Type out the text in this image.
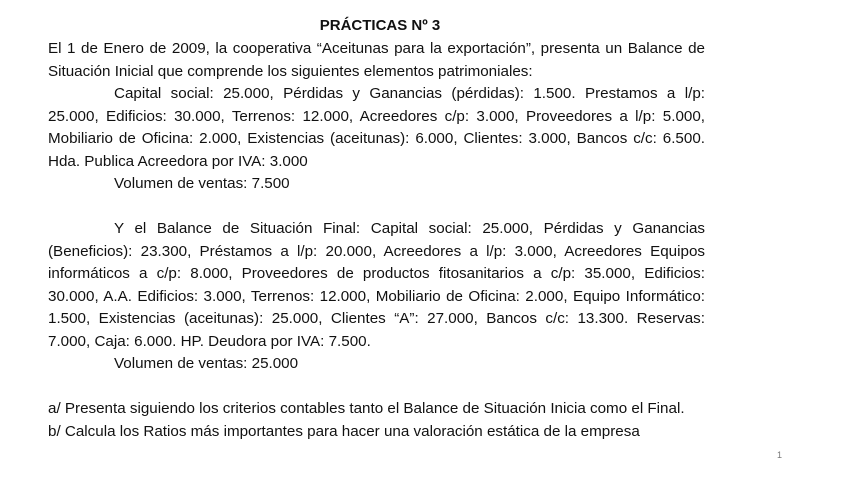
PRÁCTICAS Nº 3

El 1 de Enero de 2009, la cooperativa “Aceitunas para la exportación”, presenta un Balance de Situación Inicial que comprende los siguientes elementos patrimoniales:

Capital social: 25.000, Pérdidas y Ganancias (pérdidas): 1.500. Prestamos a l/p: 25.000, Edificios: 30.000, Terrenos: 12.000, Acreedores c/p: 3.000, Proveedores a l/p: 5.000, Mobiliario de Oficina: 2.000, Existencias (aceitunas): 6.000, Clientes: 3.000, Bancos c/c: 6.500. Hda. Publica Acreedora por IVA: 3.000

Volumen de ventas: 7.500

Y el Balance de Situación Final: Capital social: 25.000, Pérdidas y Ganancias (Beneficios): 23.300, Préstamos a l/p: 20.000, Acreedores a l/p: 3.000, Acreedores Equipos informáticos a c/p: 8.000, Proveedores de productos fitosanitarios a c/p: 35.000, Edificios: 30.000, A.A. Edificios: 3.000, Terrenos: 12.000, Mobiliario de Oficina: 2.000, Equipo Informático: 1.500, Existencias (aceitunas): 25.000, Clientes “A”: 27.000, Bancos c/c: 13.300. Reservas: 7.000, Caja: 6.000. HP. Deudora por IVA: 7.500.

Volumen de ventas: 25.000

a/ Presenta siguiendo los criterios contables tanto el Balance de Situación Inicia como el Final.

b/ Calcula los Ratios más importantes para hacer una valoración estática de la empresa

1
